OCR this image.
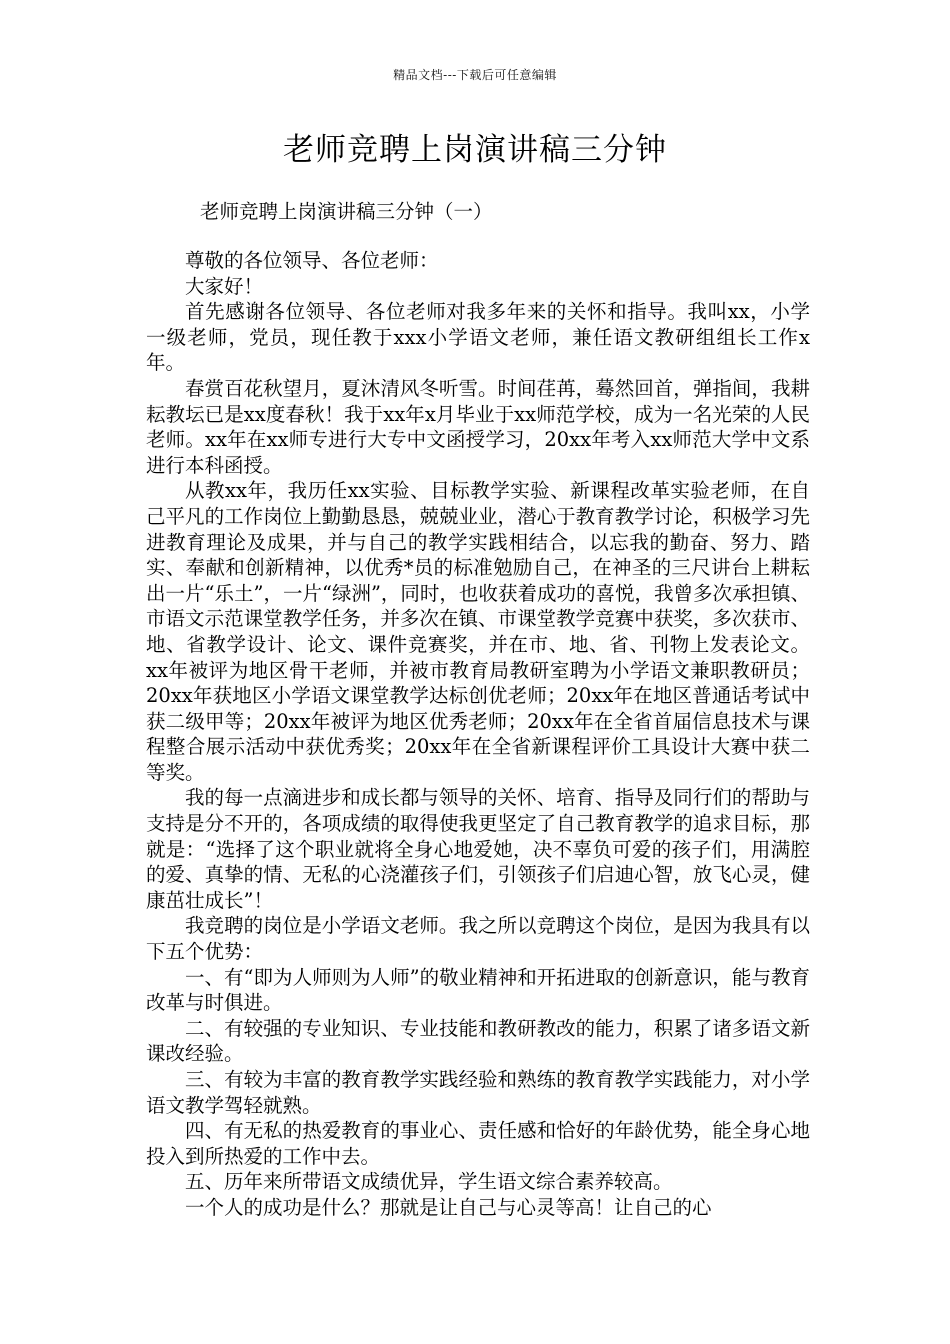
精品文档---下载后可任意编辑
老师竞聘上岗演讲稿三分钟
老师竞聘上岗演讲稿三分钟（一）

尊敬的各位领导、各位老师：

大家好！

首先感谢各位领导、各位老师对我多年来的关怀和指导。我叫xx，小学一级老师，党员，现任教于xxx小学语文老师，兼任语文教研组组长工作x年。

春赏百花秋望月，夏沐清风冬听雪。时间荏苒，蓦然回首，弹指间，我耕耘教坛已是xx度春秋！我于xx年x月毕业于xx师范学校，成为一名光荣的人民老师。xx年在xx师专进行大专中文函授学习，20xx年考入xx师范大学中文系进行本科函授。

从教xx年，我历任xx实验、目标教学实验、新课程改革实验老师，在自己平凡的工作岗位上勤勤恳恳，兢兢业业，潜心于教育教学讨论，积极学习先进教育理论及成果，并与自己的教学实践相结合，以忘我的勤奋、努力、踏实、奉献和创新精神，以优秀*员的标准勉励自己，在神圣的三尺讲台上耕耘出一片“乐土”，一片“绿洲”，同时，也收获着成功的喜悦，我曾多次承担镇、市语文示范课堂教学任务，并多次在镇、市课堂教学竞赛中获奖，多次获市、地、省教学设计、论文、课件竞赛奖，并在市、地、省、刊物上发表论文。xx年被评为地区骨干老师，并被市教育局教研室聘为小学语文兼职教研员；20xx年获地区小学语文课堂教学达标创优老师；20xx年在地区普通话考试中获二级甲等；20xx年被评为地区优秀老师；20xx年在全省首届信息技术与课程整合展示活动中获优秀奖；20xx年在全省新课程评价工具设计大赛中获二等奖。

我的每一点滴进步和成长都与领导的关怀、培育、指导及同行们的帮助与支持是分不开的，各项成绩的取得使我更坚定了自己教育教学的追求目标，那就是：“选择了这个职业就将全身心地爱她，决不辜负可爱的孩子们，用满腔的爱、真挚的情、无私的心浇灌孩子们，引领孩子们启迪心智，放飞心灵，健康茁壮成长”！

我竞聘的岗位是小学语文老师。我之所以竞聘这个岗位，是因为我具有以下五个优势：

一、有“即为人师则为人师”的敬业精神和开拓进取的创新意识，能与教育改革与时俱进。

二、有较强的专业知识、专业技能和教研教改的能力，积累了诸多语文新课改经验。

三、有较为丰富的教育教学实践经验和熟练的教育教学实践能力，对小学语文教学驾轻就熟。

四、有无私的热爱教育的事业心、责任感和恰好的年龄优势，能全身心地投入到所热爱的工作中去。

五、历年来所带语文成绩优异，学生语文综合素养较高。

一个人的成功是什么？那就是让自己与心灵等高！让自己的心
